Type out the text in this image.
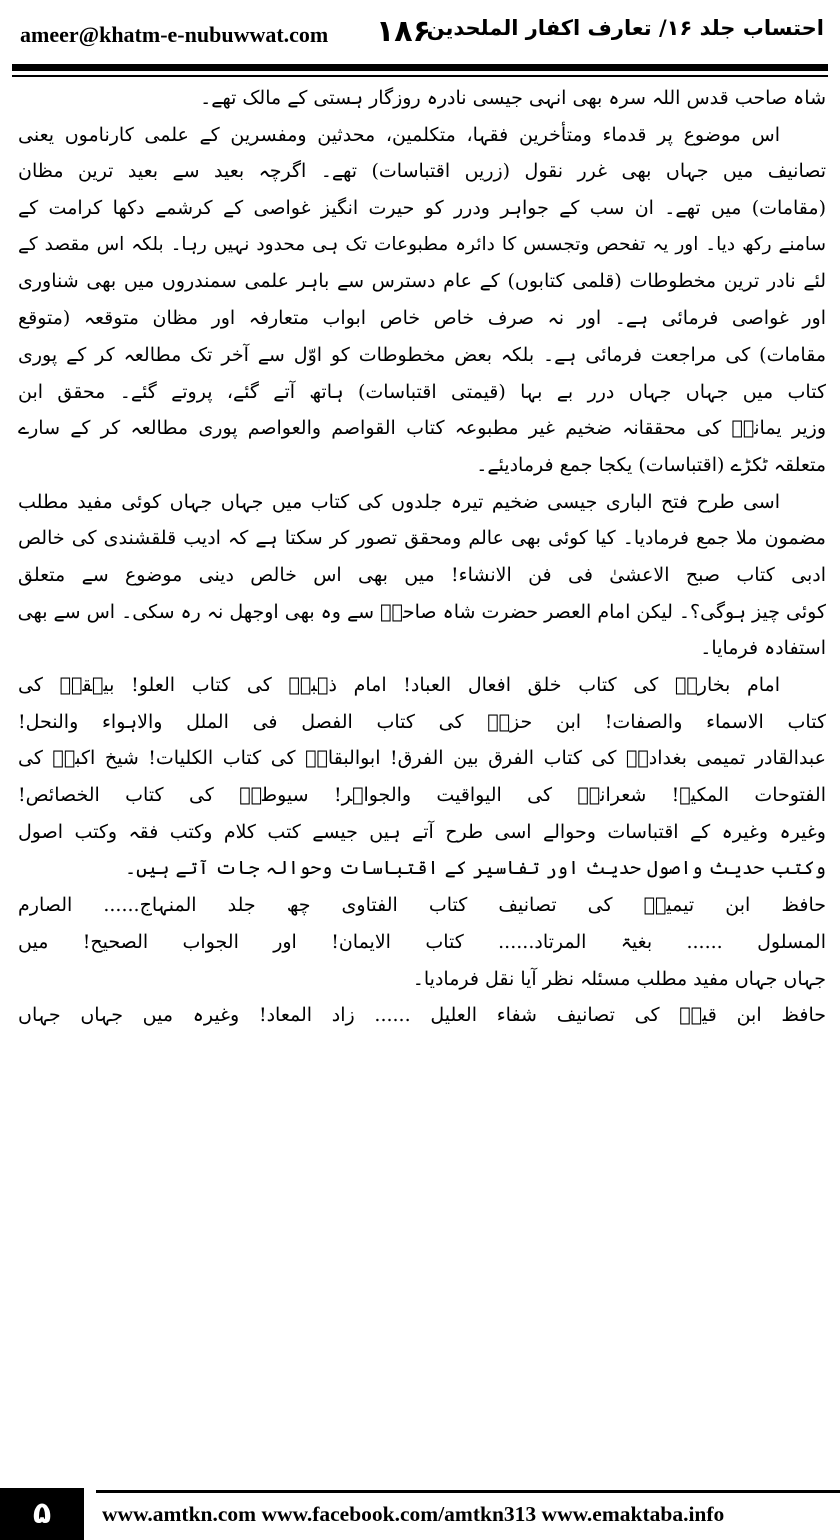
ameer@khatm-e-nubuwwat.com ۱۸۶
احتساب جلد ۱۶/ تعارف اکفار الملحدین
شاہ صاحب قدس اللہ سرہ بھی انہی جیسی نادرہ روزگار ہستی کے مالک تھے۔
اس موضوع پر قدماء ومتأخرین فقہا، متکلمین، محدثین ومفسرین کے علمی کارناموں یعنی
تصانیف میں جہاں بھی غرر نقول (زریں اقتباسات) تھے۔ اگرچہ بعید سے بعید ترین مظان
(مقامات) میں تھے۔ ان سب کے جواہر ودرر کو حیرت انگیز غواصی کے کرشمے دکھا کرامت کے
سامنے رکھ دیا۔ اور یہ تفحص وتجسس کا دائرہ مطبوعات تک ہی محدود نہیں رہا۔ بلکہ اس مقصد کے
لئے نادر ترین مخطوطات (قلمی کتابوں) کے عام دسترس سے باہر علمی سمندروں میں بھی شناوری
اور غواصی فرمائی ہے۔ اور نہ صرف خاص خاص ابواب متعارفہ اور مظان متوقعہ (متوقع
مقامات) کی مراجعت فرمائی ہے۔ بلکہ بعض مخطوطات کو اوّل سے آخر تک مطالعہ کر کے پوری
کتاب میں جہاں جہاں درر بے بہا (قیمتی اقتباسات) ہاتھ آتے گئے، پروتے گئے۔ محقق ابن
وزیر یمانیؒ کی محققانہ ضخیم غیر مطبوعہ کتاب القواصم والعواصم پوری مطالعہ کر کے سارے
متعلقہ ٹکڑے (اقتباسات) یکجا جمع فرمادیئے۔
اسی طرح فتح الباری جیسی ضخیم تیرہ جلدوں کی کتاب میں جہاں جہاں کوئی مفید مطلب
مضمون ملا جمع فرمادیا۔ کیا کوئی بھی عالم ومحقق تصور کر سکتا ہے کہ ادیب قلقشندی کی خالص
ادبی کتاب صبح الاعشیٰ فی فن الانشاء! میں بھی اس خالص دینی موضوع سے متعلق
کوئی چیز ہوگی؟۔ لیکن امام العصر حضرت شاہ صاحبؒ سے وہ بھی اوجھل نہ رہ سکی۔ اس سے بھی
استفادہ فرمایا۔
امام بخاریؒ کی کتاب خلق افعال العباد! امام ذہبیؒ کی کتاب العلو! بیہقیؒ کی
کتاب الاسماء والصفات! ابن حزمؒ کی کتاب الفصل فی الملل والاہواء والنحل!
عبدالقادر تمیمی بغدادیؒ کی کتاب الفرق بین الفرق! ابوالبقاءؒ کی کتاب الکلیات! شیخ اکبرؒ کی
الفتوحات المکیۃ! شعرانیؒ کی الیواقیت والجواہر! سیوطیؒ کی کتاب الخصائص!
وغیرہ وغیرہ کے اقتباسات وحوالے اسی طرح آتے ہیں جیسے کتب کلام وکتب فقہ وکتب اصول
وکتب حدیث واصول حدیث اور تفاسیر کے اقتباسات وحوالہ جات آتے ہیں۔
حافظ ابن تیمیہؒ کی تصانیف کتاب الفتاوی چھ جلد المنہاج...... الصارم
المسلول ...... بغیۃ المرتاد...... کتاب الایمان! اور الجواب الصحیح! میں
جہاں جہاں مفید مطلب مسئلہ نظر آیا نقل فرمادیا۔
حافظ ابن قیمؒ کی تصانیف شفاء العلیل ...... زاد المعاد! وغیرہ میں جہاں جہاں
۵	www.amtkn.com www.facebook.com/amtkn313 www.emaktaba.info
